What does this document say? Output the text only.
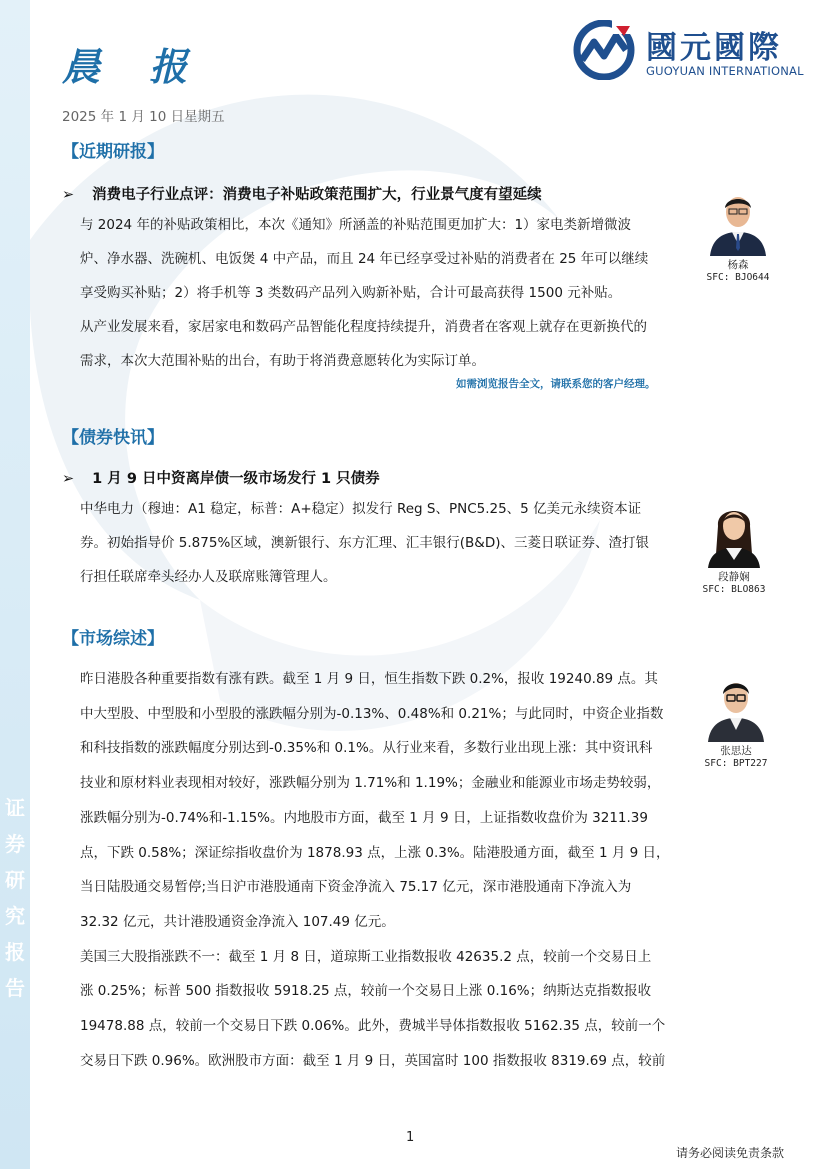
证
券
研
究
报
告
晨 报
2025 年 1 月 10 日星期五
國元國際
GUOYUAN INTERNATIONAL
【近期研报】
➢ 消费电子行业点评：消费电子补贴政策范围扩大，行业景气度有望延续
与 2024 年的补贴政策相比，本次《通知》所涵盖的补贴范围更加扩大：1）家电类新增微波
炉、净水器、洗碗机、电饭煲 4 中产品，而且 24 年已经享受过补贴的消费者在 25 年可以继续
享受购买补贴；2）将手机等 3 类数码产品列入购新补贴，合计可最高获得 1500 元补贴。
从产业发展来看，家居家电和数码产品智能化程度持续提升，消费者在客观上就存在更新换代的
需求，本次大范围补贴的出台，有助于将消费意愿转化为实际订单。
如需浏览报告全文，请联系您的客户经理。
杨森
SFC: BJO644
【债券快讯】
➢ 1 月 9 日中资离岸债一级市场发行 1 只债券
中华电力（穆迪：A1 稳定，标普：A+稳定）拟发行 Reg S、PNC5.25、5 亿美元永续资本证
券。初始指导价 5.875%区域，澳新银行、东方汇理、汇丰银行(B&D)、三菱日联证券、渣打银
行担任联席牵头经办人及联席账簿管理人。	段静娴
SFC: BLO863
【市场综述】
昨日港股各种重要指数有涨有跌。截至 1 月 9 日，恒生指数下跌 0.2%，报收 19240.89 点。其
中大型股、中型股和小型股的涨跌幅分别为-0.13%、0.48%和 0.21%；与此同时，中资企业指数
和科技指数的涨跌幅度分别达到-0.35%和 0.1%。从行业来看，多数行业出现上涨：其中资讯科
技业和原材料业表现相对较好，涨跌幅分别为 1.71%和 1.19%；金融业和能源业市场走势较弱，
涨跌幅分别为-0.74%和-1.15%。内地股市方面，截至 1 月 9 日，上证指数收盘价为 3211.39
点，下跌 0.58%；深证综指收盘价为 1878.93 点，上涨 0.3%。陆港股通方面，截至 1 月 9 日，
当日陆股通交易暂停;当日沪市港股通南下资金净流入 75.17 亿元，深市港股通南下净流入为
32.32 亿元，共计港股通资金净流入 107.49 亿元。
美国三大股指涨跌不一：截至 1 月 8 日，道琼斯工业指数报收 42635.2 点，较前一个交易日上
涨 0.25%；标普 500 指数报收 5918.25 点，较前一个交易日上涨 0.16%；纳斯达克指数报收
19478.88 点，较前一个交易日下跌 0.06%。此外，费城半导体指数报收 5162.35 点，较前一个
交易日下跌 0.96%。欧洲股市方面：截至 1 月 9 日，英国富时 100 指数报收 8319.69 点，较前
张思达
SFC: BPT227
1
请务必阅读免责条款
